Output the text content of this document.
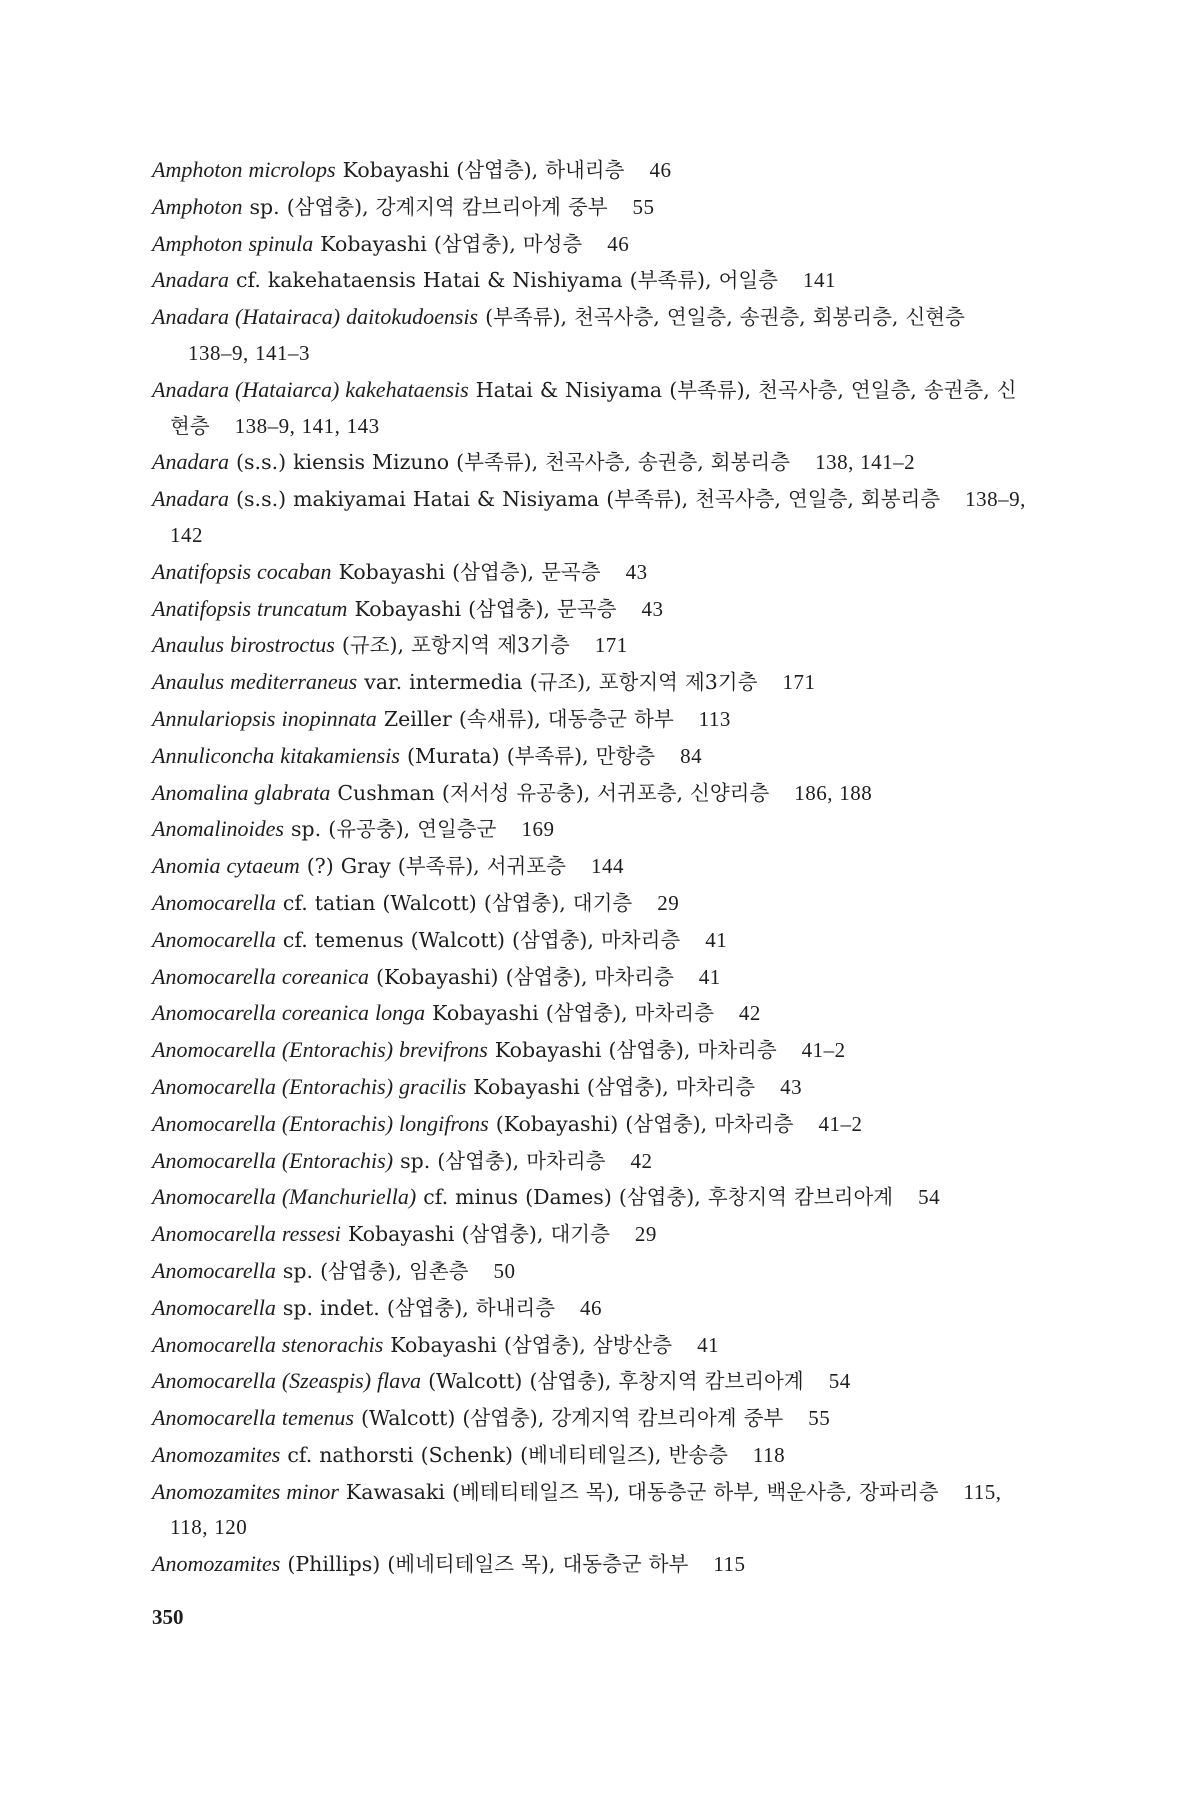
Amphoton microlops Kobayashi (삼엽층), 하내리층 46
Amphoton sp. (삼엽충), 강계지역 캄브리아계 중부 55
Amphoton spinula Kobayashi (삼엽충), 마성층 46
Anadara cf. kakehataensis Hatai & Nishiyama (부족류), 어일층 141
Anadara (Hatairaca) daitokudoensis (부족류), 천곡사층, 연일층, 송권층, 회봉리층, 신현층 138–9, 141–3
Anadara (Hataiarca) kakehataensis Hatai & Nisiyama (부족류), 천곡사층, 연일층, 송권층, 신현층 138–9, 141, 143
Anadara (s.s.) kiensis Mizuno (부족류), 천곡사층, 송권층, 회봉리층 138, 141–2
Anadara (s.s.) makiyamai Hatai & Nisiyama (부족류), 천곡사층, 연일층, 회봉리층 138–9, 142
Anatifopsis cocaban Kobayashi (삼엽층), 문곡층 43
Anatifopsis truncatum Kobayashi (삼엽충), 문곡층 43
Anaulus birostroctus (규조), 포항지역 제3기층 171
Anaulus mediterraneus var. intermedia (규조), 포항지역 제3기층 171
Annulariopsis inopinnata Zeiller (속새류), 대동층군 하부 113
Annuliconcha kitakamiensis (Murata) (부족류), 만항층 84
Anomalina glabrata Cushman (저서성 유공충), 서귀포층, 신양리층 186, 188
Anomalinoides sp. (유공충), 연일층군 169
Anomia cytaeum (?) Gray (부족류), 서귀포층 144
Anomocarella cf. tatian (Walcott) (삼엽충), 대기층 29
Anomocarella cf. temenus (Walcott) (삼엽충), 마차리층 41
Anomocarella coreanica (Kobayashi) (삼엽충), 마차리층 41
Anomocarella coreanica longa Kobayashi (삼엽충), 마차리층 42
Anomocarella (Entorachis) brevifrons Kobayashi (삼엽충), 마차리층 41–2
Anomocarella (Entorachis) gracilis Kobayashi (삼엽충), 마차리층 43
Anomocarella (Entorachis) longifrons (Kobayashi) (삼엽충), 마차리층 41–2
Anomocarella (Entorachis) sp. (삼엽충), 마차리층 42
Anomocarella (Manchuriella) cf. minus (Dames) (삼엽충), 후창지역 캄브리아계 54
Anomocarella ressesi Kobayashi (삼엽충), 대기층 29
Anomocarella sp. (삼엽충), 임촌층 50
Anomocarella sp. indet. (삼엽충), 하내리층 46
Anomocarella stenorachis Kobayashi (삼엽충), 삼방산층 41
Anomocarella (Szeaspis) flava (Walcott) (삼엽충), 후창지역 캄브리아계 54
Anomocarella temenus (Walcott) (삼엽충), 강계지역 캄브리아계 중부 55
Anomozamites cf. nathorsti (Schenk) (베네티테일즈), 반송층 118
Anomozamites minor Kawasaki (베테티테일즈 목), 대동층군 하부, 백운사층, 장파리층 115, 118, 120
Anomozamites (Phillips) (베네티테일즈 목), 대동층군 하부 115
350
